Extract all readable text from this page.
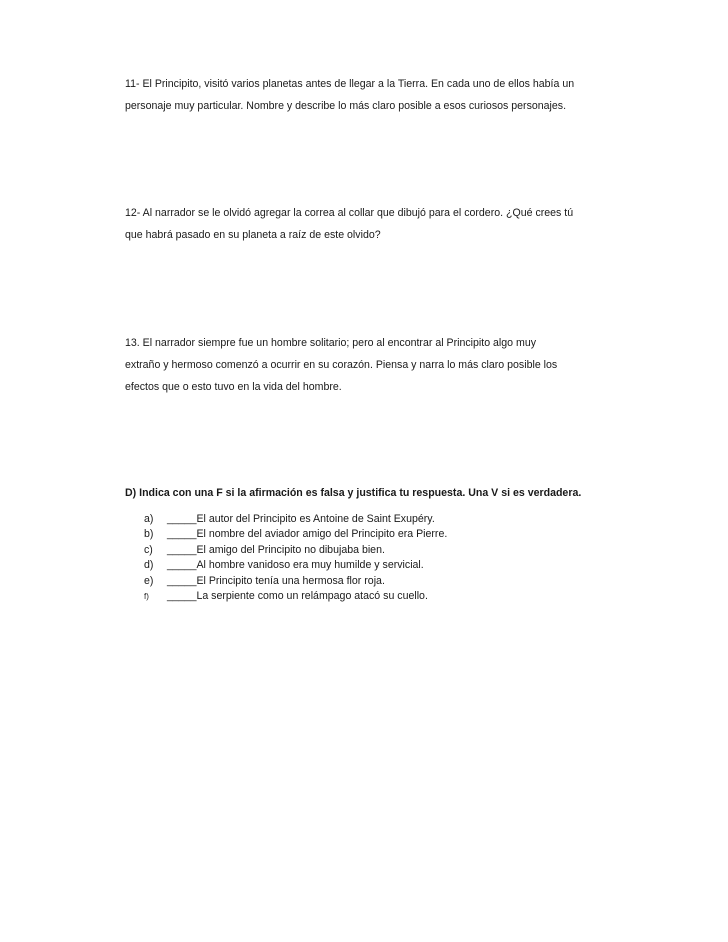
11- El Principito, visitó varios planetas antes de llegar a la Tierra. En cada uno de ellos había un
personaje muy particular. Nombre y describe lo más claro posible a esos curiosos personajes.

12- Al narrador se le olvidó agregar la correa al collar que dibujó para el cordero. ¿Qué crees tú
que habrá pasado en su planeta a raíz de este olvido?

13. El narrador siempre fue un hombre solitario; pero al encontrar al Principito algo muy
extraño y hermoso comenzó a ocurrir en su corazón. Piensa y narra lo más claro posible los
efectos que o esto tuvo en la vida del hombre.

D) Indica con una F si la afirmación es falsa y justifica tu respuesta. Una V si es verdadera.

a)	_____El autor del Principito es Antoine de Saint Exupéry.
b)	_____El nombre del aviador amigo del Principito era Pierre.
c)	_____El amigo del Principito no dibujaba bien.
d)	_____Al hombre vanidoso era muy humilde y servicial.
e)	_____El Principito tenía una hermosa flor roja.
f)	_____La serpiente como un relámpago atacó su cuello.
